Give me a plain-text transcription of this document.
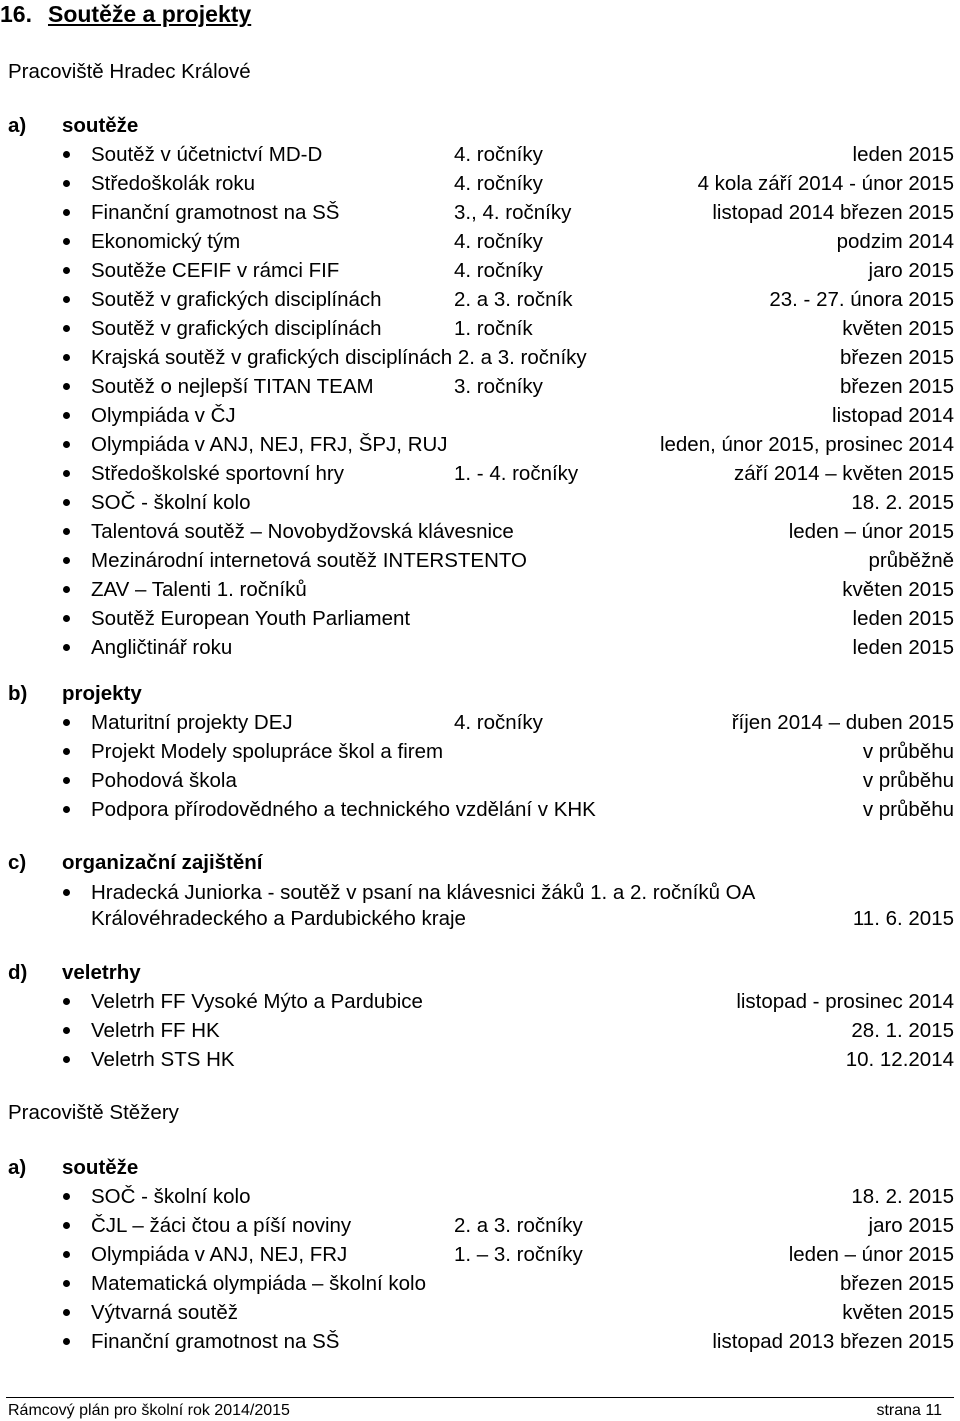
16. Soutěže a projekty
Pracoviště Hradec Králové
a) soutěže
Soutěž v účetnictví MD-D	4. ročníky	leden 2015
Středoškolák roku	4. ročníky	4 kola září 2014 - únor 2015
Finanční gramotnost na SŠ	3., 4. ročníky	listopad 2014 březen 2015
Ekonomický tým	4. ročníky	podzim 2014
Soutěže CEFIF v rámci FIF	4. ročníky	jaro 2015
Soutěž v grafických disciplínách	2. a 3. ročník	23. - 27. února 2015
Soutěž v grafických disciplínách	1. ročník	květen 2015
Krajská soutěž v grafických disciplínách 2. a 3. ročníky	březen 2015
Soutěž o nejlepší TITAN TEAM	3. ročníky	březen 2015
Olympiáda v ČJ	listopad 2014
Olympiáda v ANJ, NEJ, FRJ, ŠPJ, RUJ	leden, únor 2015, prosinec 2014
Středoškolské sportovní hry	1. - 4. ročníky	září 2014 – květen 2015
SOČ - školní kolo	18. 2. 2015
Talentová soutěž – Novobydžovská klávesnice	leden – únor 2015
Mezinárodní internetová soutěž INTERSTENTO	průběžně
ZAV – Talenti 1. ročníků	květen 2015
Soutěž European Youth Parliament	leden 2015
Angličtinář roku	leden 2015
b) projekty
Maturitní projekty DEJ	4. ročníky	říjen 2014 – duben 2015
Projekt Modely spolupráce škol a firem	v průběhu
Pohodová škola	v průběhu
Podpora přírodovědného a technického vzdělání v KHK	v průběhu
c) organizační zajištění
Hradecká Juniorka - soutěž v psaní na klávesnici žáků 1. a 2. ročníků OA
Královéhradeckého a Pardubického kraje	11. 6. 2015
d) veletrhy
Veletrh FF Vysoké Mýto a Pardubice	listopad - prosinec 2014
Veletrh FF HK	28. 1. 2015
Veletrh STS HK	10. 12.2014
Pracoviště Stěžery
a) soutěže
SOČ - školní kolo	18. 2. 2015
ČJL – žáci čtou a píší noviny	2. a 3. ročníky	jaro 2015
Olympiáda v ANJ, NEJ, FRJ	1. – 3. ročníky	leden – únor 2015
Matematická olympiáda – školní kolo	březen 2015
Výtvarná soutěž	květen 2015
Finanční gramotnost na SŠ	listopad 2013 březen 2015
Rámcový plán pro školní rok 2014/2015	strana 11
